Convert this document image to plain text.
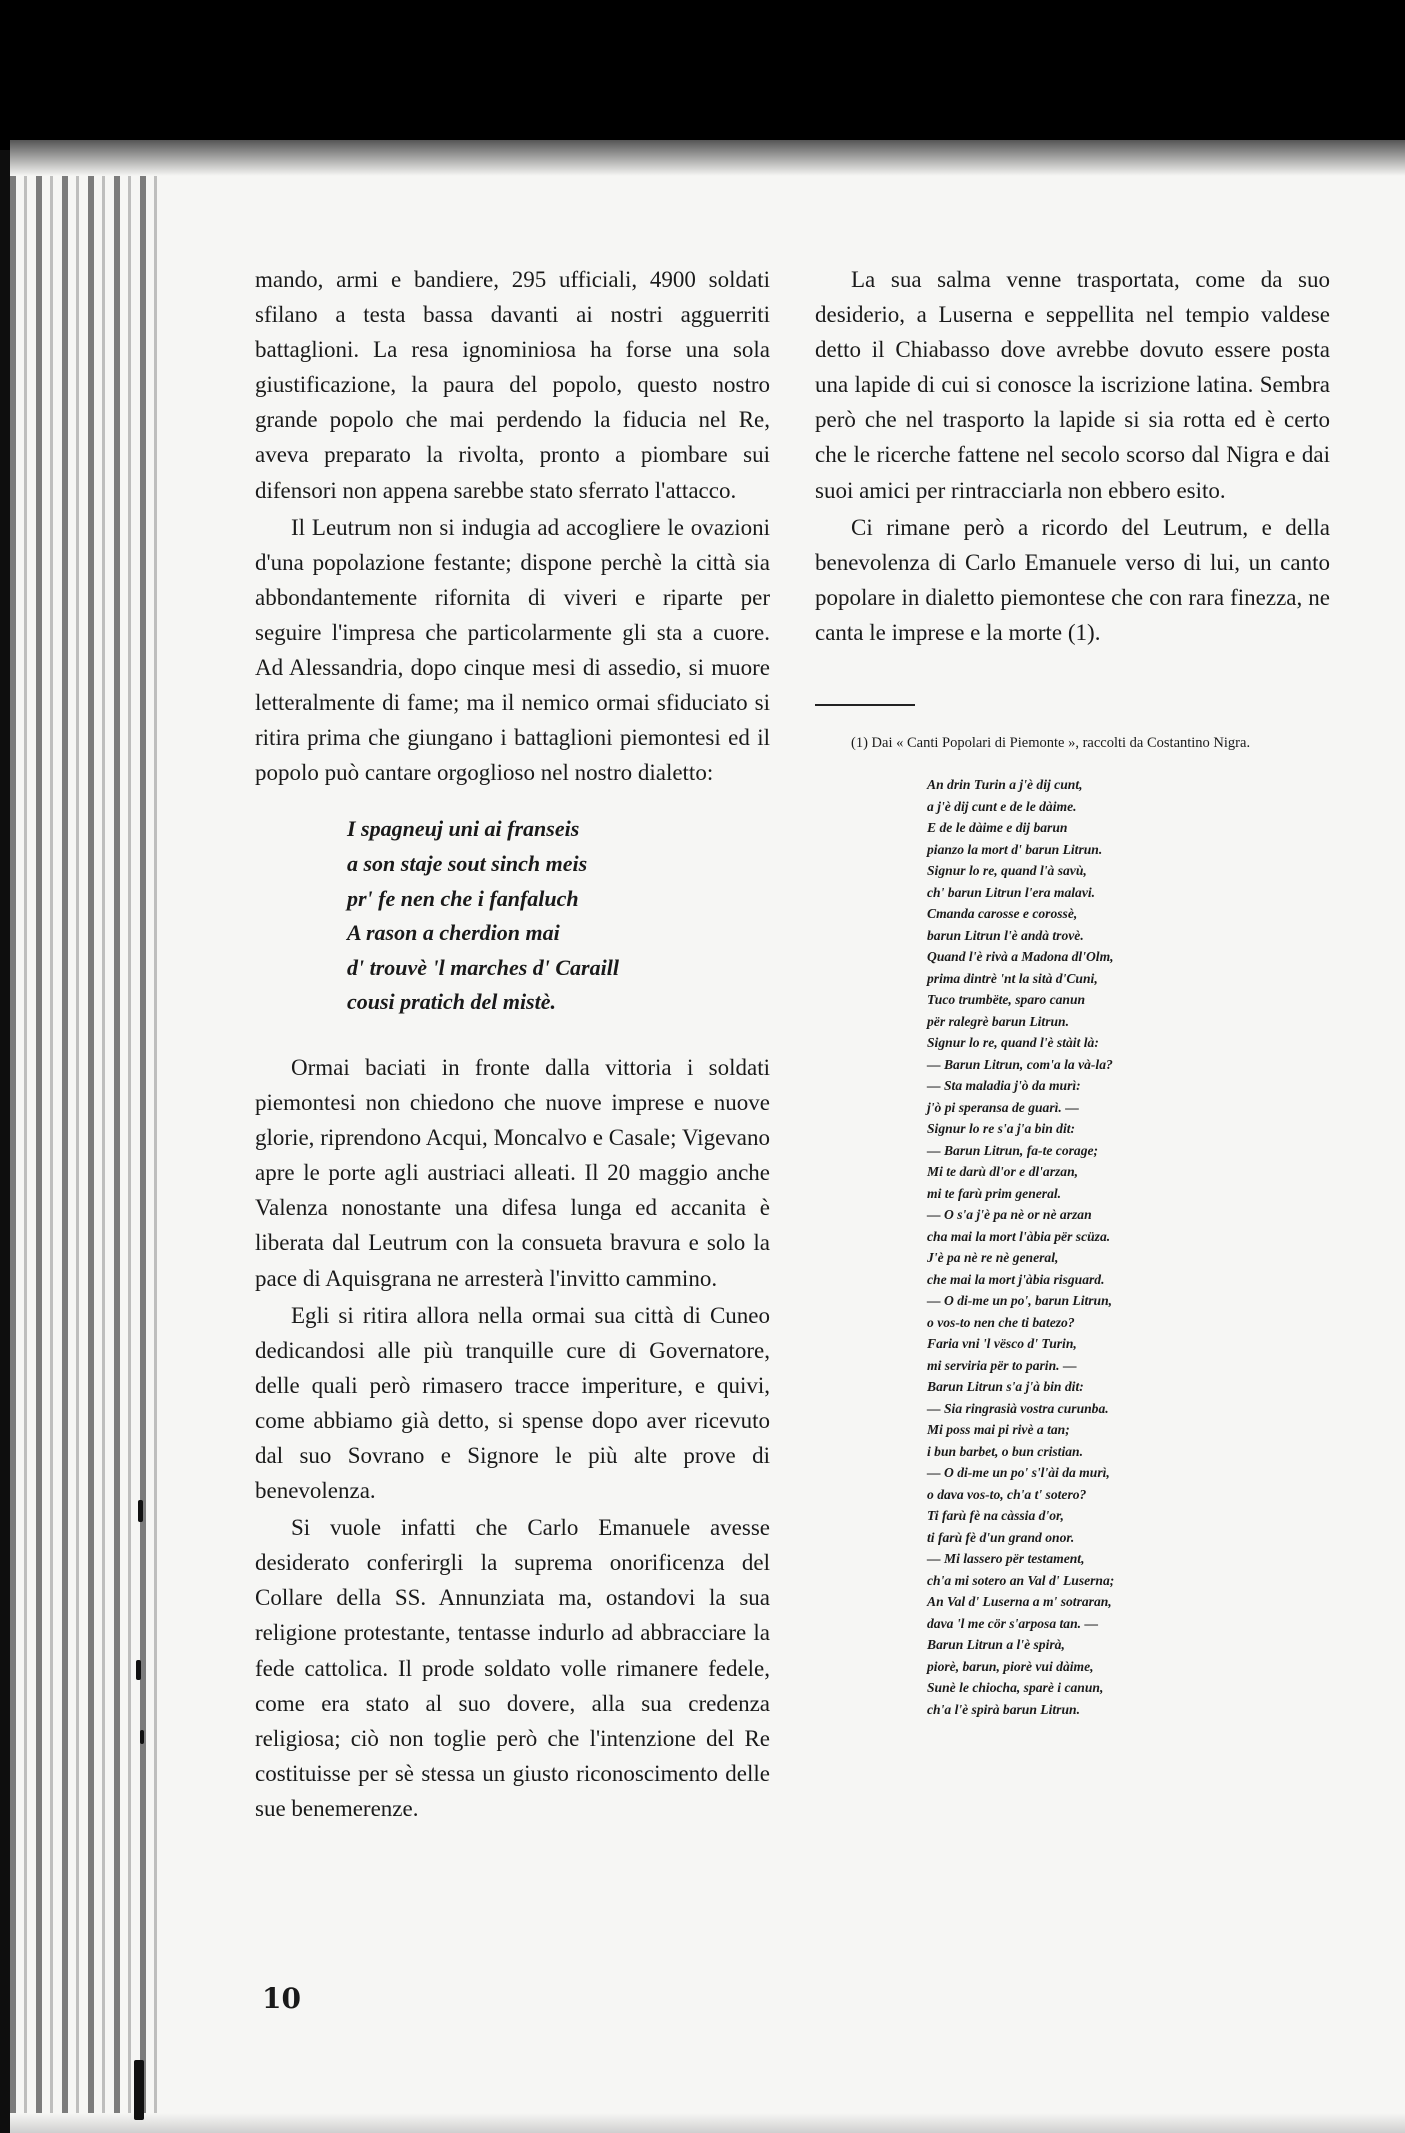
mando, armi e bandiere, 295 ufficiali, 4900 soldati sfilano a testa bassa davanti ai nostri agguerriti battaglioni. La resa ignominiosa ha forse una sola giustificazione, la paura del popolo, questo nostro grande popolo che mai perdendo la fiducia nel Re, aveva preparato la rivolta, pronto a piombare sui difensori non appena sarebbe stato sferrato l'attacco.

Il Leutrum non si indugia ad accogliere le ovazioni d'una popolazione festante; dispone perchè la città sia abbondantemente rifornita di viveri e riparte per seguire l'impresa che particolarmente gli sta a cuore. Ad Alessandria, dopo cinque mesi di assedio, si muore letteralmente di fame; ma il nemico ormai sfiduciato si ritira prima che giungano i battaglioni piemontesi ed il popolo può cantare orgoglioso nel nostro dialetto:

I spagneuj uni ai franseis
a son staje sout sinch meis
pr' fe nen che i fanfaluch
A rason a cherdion mai
d' trouvè 'l marches d' Caraill
cousi pratich del mistè.

Ormai baciati in fronte dalla vittoria i soldati piemontesi non chiedono che nuove imprese e nuove glorie, riprendono Acqui, Moncalvo e Casale; Vigevano apre le porte agli austriaci alleati. Il 20 maggio anche Valenza nonostante una difesa lunga ed accanita è liberata dal Leutrum con la consueta bravura e solo la pace di Aquisgrana ne arresterà l'invitto cammino.

Egli si ritira allora nella ormai sua città di Cuneo dedicandosi alle più tranquille cure di Governatore, delle quali però rimasero tracce imperiture, e quivi, come abbiamo già detto, si spense dopo aver ricevuto dal suo Sovrano e Signore le più alte prove di benevolenza.

Si vuole infatti che Carlo Emanuele avesse desiderato conferirgli la suprema onorificenza del Collare della SS. Annunziata ma, ostandovi la sua religione protestante, tentasse indurlo ad abbracciare la fede cattolica. Il prode soldato volle rimanere fedele, come era stato al suo dovere, alla sua credenza religiosa; ciò non toglie però che l'intenzione del Re costituisse per sè stessa un giusto riconoscimento delle sue benemerenze.

La sua salma venne trasportata, come da suo desiderio, a Luserna e seppellita nel tempio valdese detto il Chiabasso dove avrebbe dovuto essere posta una lapide di cui si conosce la iscrizione latina. Sembra però che nel trasporto la lapide si sia rotta ed è certo che le ricerche fattene nel secolo scorso dal Nigra e dai suoi amici per rintracciarla non ebbero esito.

Ci rimane però a ricordo del Leutrum, e della benevolenza di Carlo Emanuele verso di lui, un canto popolare in dialetto piemontese che con rara finezza, ne canta le imprese e la morte (1).

(1) Dai « Canti Popolari di Piemonte », raccolti da Costantino Nigra.

An drin Turin a j'è dij cunt,
a j'è dij cunt e de le dàime.
E de le dàime e dij barun
pianzo la mort d' barun Litrun.
Signur lo re, quand l'à savù,
ch' barun Litrun l'era malavi.
Cmanda carosse e corossè,
barun Litrun l'è andà trovè.
Quand l'è rivà a Madona dl'Olm,
prima dintrè 'nt la sità d'Cuni,
Tuco trumbëte, sparo canun
për ralegrè barun Litrun.
Signur lo re, quand l'è stàit là:
— Barun Litrun, com'a la và-la?
— Sta maladia j'ò da murì:
j'ò pi speransa de guarì. —
Signur lo re s'a j'a bin dit:
— Barun Litrun, fa-te corage;
Mi te darù dl'or e dl'arzan,
mi te farù prim general.
— O s'a j'è pa nè or nè arzan
cha mai la mort l'àbia për scüza.
J'è pa nè re nè general,
che mai la mort j'àbia risguard.
— O di-me un po', barun Litrun,
o vos-to nen che ti batezo?
Faria vni 'l vësco d' Turin,
mi serviria për to parin. —
Barun Litrun s'a j'à bin dit:
— Sia ringrasià vostra curunba.
Mi poss mai pi rivè a tan;
i bun barbet, o bun cristian.
— O di-me un po' s'l'ài da murì,
o dava vos-to, ch'a t' sotero?
Ti farù fè na càssia d'or,
ti farù fè d'un grand onor.
— Mi lassero për testament,
ch'a mi sotero an Val d' Luserna;
An Val d' Luserna a m' sotraran,
dava 'l me cör s'arposa tan. —
Barun Litrun a l'è spirà,
piorè, barun, piorè vui dàime,
Sunè le chiocha, sparè i canun,
ch'a l'è spirà barun Litrun.
10
